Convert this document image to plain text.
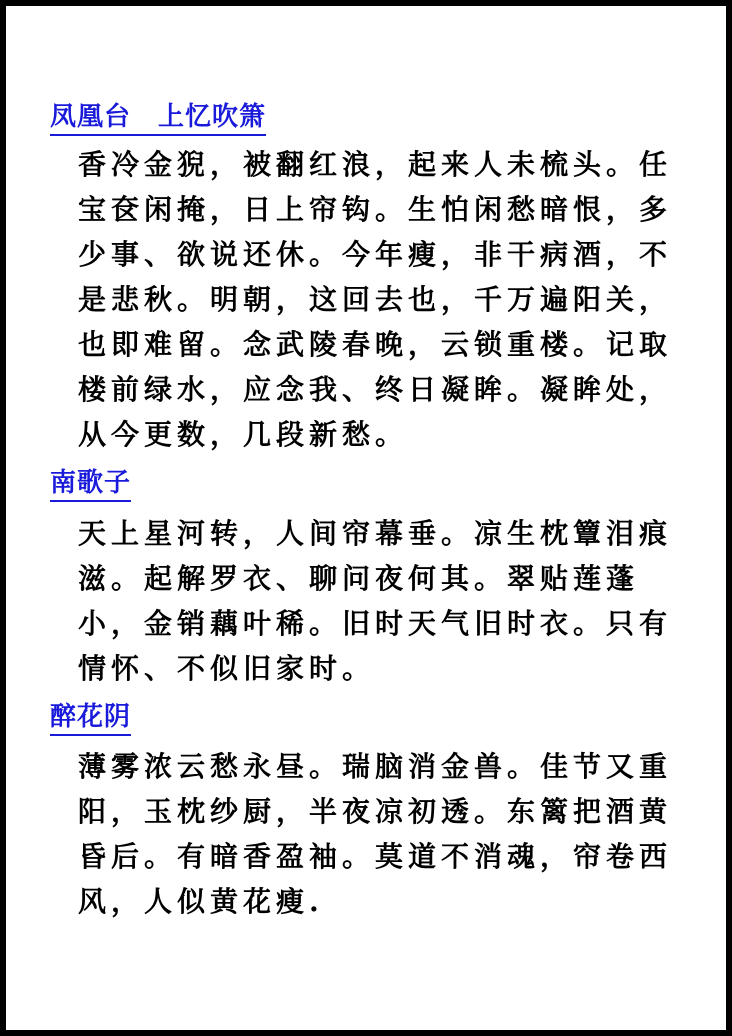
凤凰台　上忆吹箫
香冷金猊，被翻红浪，起来人未梳头。任
宝奁闲掩，日上帘钩。生怕闲愁暗恨，多
少事、欲说还休。今年瘦，非干病酒，不
是悲秋。明朝，这回去也，千万遍阳关，
也即难留。念武陵春晚，云锁重楼。记取
楼前绿水，应念我、终日凝眸。凝眸处，
从今更数，几段新愁。
南歌子
天上星河转，人间帘幕垂。凉生枕簟泪痕
滋。起解罗衣、聊问夜何其。翠贴莲蓬
小，金销藕叶稀。旧时天气旧时衣。只有
情怀、不似旧家时。
醉花阴
薄雾浓云愁永昼。瑞脑消金兽。佳节又重
阳，玉枕纱厨，半夜凉初透。东篱把酒黄
昏后。有暗香盈袖。莫道不消魂，帘卷西
风，人似黄花瘦.
